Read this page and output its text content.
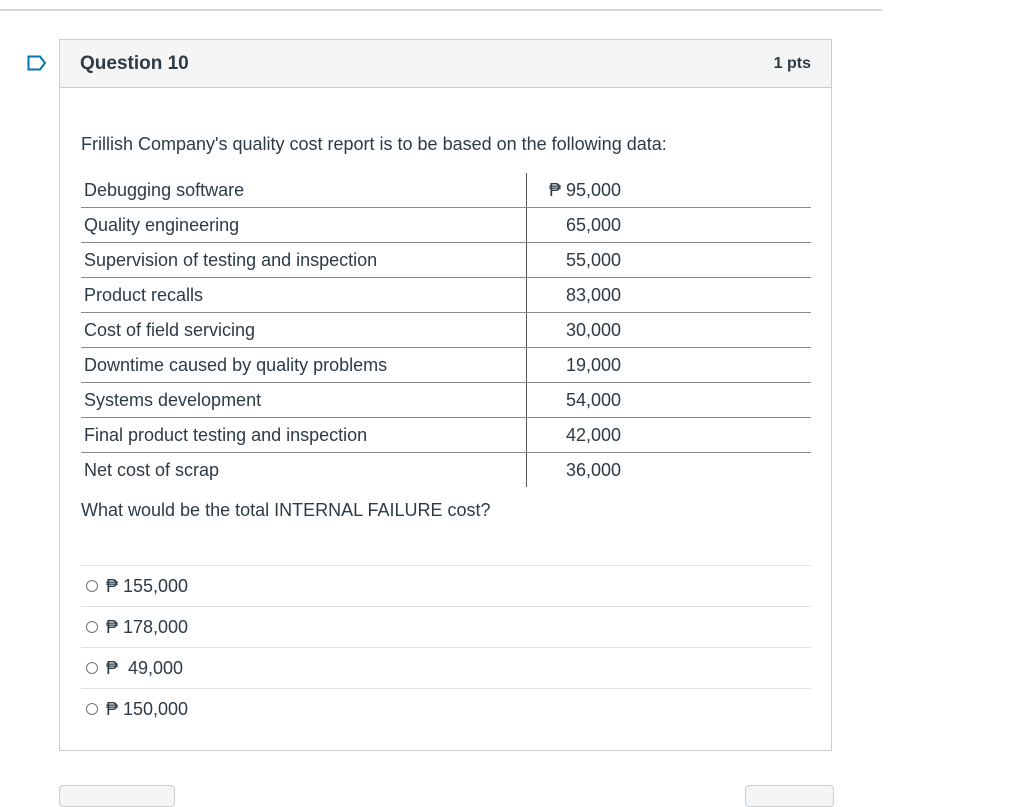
Question 10	1 pts
Frillish Company's quality cost report is to be based on the following data:
Debugging software	₱ 95,000
Quality engineering	65,000
Supervision of testing and inspection	55,000
Product recalls	83,000
Cost of field servicing	30,000
Downtime caused by quality problems	19,000
Systems development	54,000
Final product testing and inspection	42,000
Net cost of scrap	36,000
What would be the total INTERNAL FAILURE cost?
₱ 155,000
₱ 178,000
₱  49,000
₱ 150,000
